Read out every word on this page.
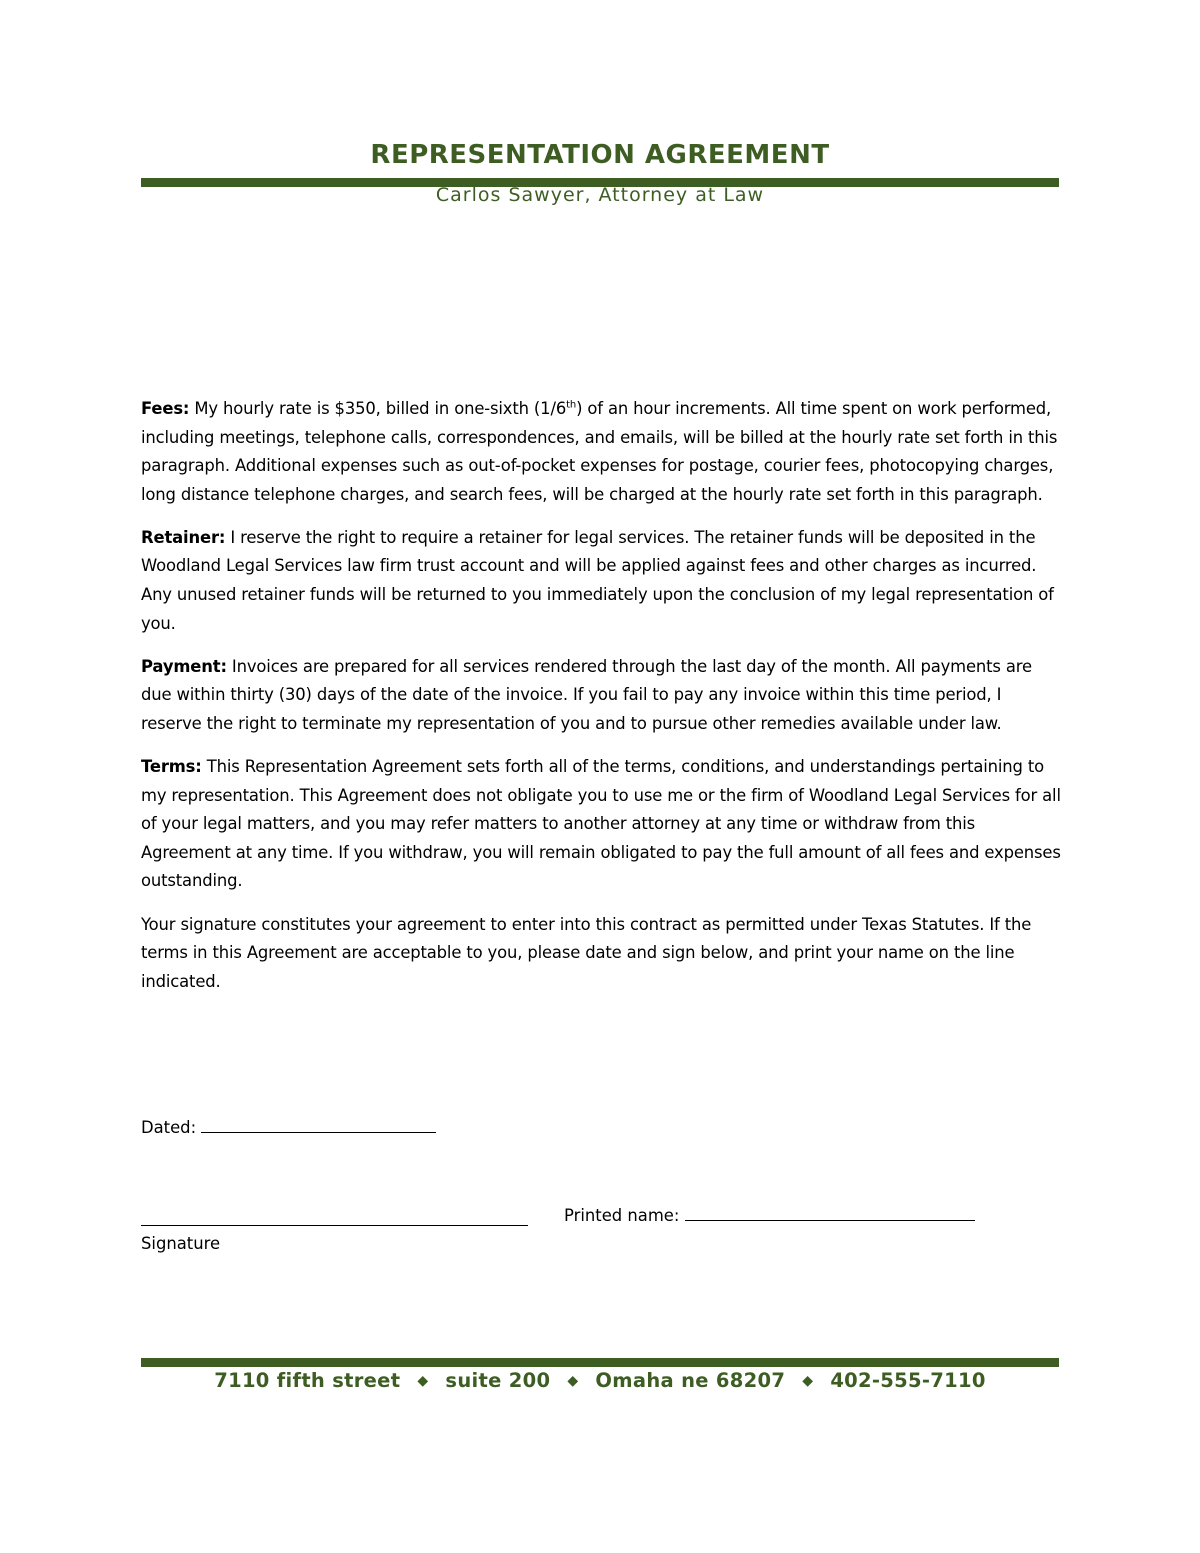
REPRESENTATION AGREEMENT
Carlos Sawyer, Attorney at Law

Fees: My hourly rate is $350, billed in one-sixth (1/6th) of an hour increments. All time spent on work performed, including meetings, telephone calls, correspondences, and emails, will be billed at the hourly rate set forth in this paragraph. Additional expenses such as out-of-pocket expenses for postage, courier fees, photocopying charges, long distance telephone charges, and search fees, will be charged at the hourly rate set forth in this paragraph.

Retainer: I reserve the right to require a retainer for legal services. The retainer funds will be deposited in the Woodland Legal Services law firm trust account and will be applied against fees and other charges as incurred. Any unused retainer funds will be returned to you immediately upon the conclusion of my legal representation of you.

Payment: Invoices are prepared for all services rendered through the last day of the month. All payments are due within thirty (30) days of the date of the invoice. If you fail to pay any invoice within this time period, I reserve the right to terminate my representation of you and to pursue other remedies available under law.

Terms: This Representation Agreement sets forth all of the terms, conditions, and understandings pertaining to my representation. This Agreement does not obligate you to use me or the firm of Woodland Legal Services for all of your legal matters, and you may refer matters to another attorney at any time or withdraw from this Agreement at any time. If you withdraw, you will remain obligated to pay the full amount of all fees and expenses outstanding.

Your signature constitutes your agreement to enter into this contract as permitted under Texas Statutes. If the terms in this Agreement are acceptable to you, please date and sign below, and print your name on the line indicated.

Dated:
Printed name:
Signature
7110 fifth street ◆ suite 200 ◆ Omaha ne 68207 ◆ 402-555-7110
